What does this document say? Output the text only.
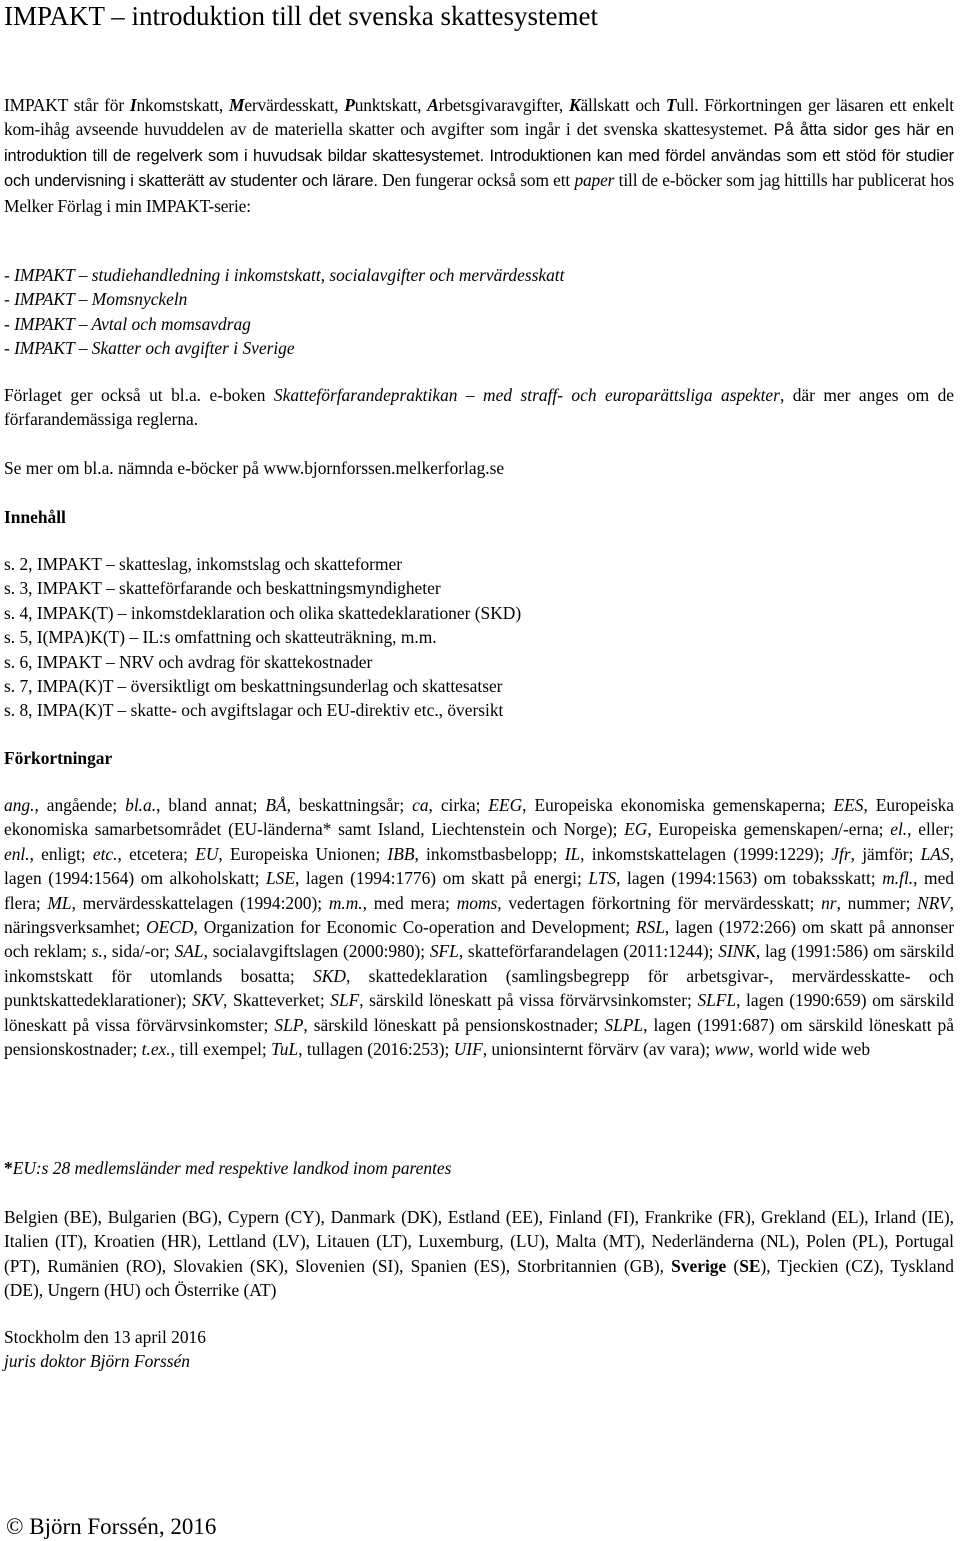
IMPAKT – introduktion till det svenska skattesystemet

IMPAKT står för Inkomstskatt, Mervärdesskatt, Punktskatt, Arbetsgivaravgifter, Källskatt och Tull. Förkortningen ger läsaren ett enkelt kom-ihåg avseende huvuddelen av de materiella skatter och avgifter som ingår i det svenska skattesystemet. På åtta sidor ges här en introduktion till de regelverk som i huvudsak bildar skattesystemet. Introduktionen kan med fördel användas som ett stöd för studier och undervisning i skatterätt av studenter och lärare. Den fungerar också som ett paper till de e-böcker som jag hittills har publicerat hos Melker Förlag i min IMPAKT-serie:

- IMPAKT – studiehandledning i inkomstskatt, socialavgifter och mervärdesskatt
- IMPAKT – Momsnyckeln
- IMPAKT – Avtal och momsavdrag
- IMPAKT – Skatter och avgifter i Sverige

Förlaget ger också ut bl.a. e-boken Skatteförfarandepraktikan – med straff- och europarättsliga aspekter, där mer anges om de förfarandemässiga reglerna.

Se mer om bl.a. nämnda e-böcker på www.bjornforssen.melkerforlag.se
Innehåll
s. 2, IMPAKT – skatteslag, inkomstslag och skatteformer
s. 3, IMPAKT – skatteförfarande och beskattningsmyndigheter
s. 4, IMPAK(T) – inkomstdeklaration och olika skattedeklarationer (SKD)
s. 5, I(MPA)K(T) – IL:s omfattning och skatteuträkning, m.m.
s. 6, IMPAKT – NRV och avdrag för skattekostnader
s. 7, IMPA(K)T – översiktligt om beskattningsunderlag och skattesatser
s. 8, IMPA(K)T – skatte- och avgiftslagar och EU-direktiv etc., översikt
Förkortningar

ang., angående; bl.a., bland annat; BÅ, beskattningsår; ca, cirka; EEG, Europeiska ekonomiska gemenskaperna; EES, Europeiska ekonomiska samarbetsområdet (EU-länderna* samt Island, Liechtenstein och Norge); EG, Europeiska gemenskapen/-erna; el., eller; enl., enligt; etc., etcetera; EU, Europeiska Unionen; IBB, inkomstbasbelopp; IL, inkomstskattelagen (1999:1229); Jfr, jämför; LAS, lagen (1994:1564) om alkoholskatt; LSE, lagen (1994:1776) om skatt på energi; LTS, lagen (1994:1563) om tobaksskatt; m.fl., med flera; ML, mervärdesskattelagen (1994:200); m.m., med mera; moms, vedertagen förkortning för mervärdesskatt; nr, nummer; NRV, näringsverksamhet; OECD, Organization for Economic Co-operation and Development; RSL, lagen (1972:266) om skatt på annonser och reklam; s., sida/-or; SAL, socialavgiftslagen (2000:980); SFL, skatteförfarandelagen (2011:1244); SINK, lag (1991:586) om särskild inkomstskatt för utomlands bosatta; SKD, skattedeklaration (samlingsbegrepp för arbetsgivar-, mervärdesskatte- och punktskattedeklarationer); SKV, Skatteverket; SLF, särskild löneskatt på vissa förvärvsinkomster; SLFL, lagen (1990:659) om särskild löneskatt på vissa förvärvsinkomster; SLP, särskild löneskatt på pensionskostnader; SLPL, lagen (1991:687) om särskild löneskatt på pensionskostnader; t.ex., till exempel; TuL, tullagen (2016:253); UIF, unionsinternt förvärv (av vara); www, world wide web

*EU:s 28 medlemsländer med respektive landkod inom parentes

Belgien (BE), Bulgarien (BG), Cypern (CY), Danmark (DK), Estland (EE), Finland (FI), Frankrike (FR), Grekland (EL), Irland (IE), Italien (IT), Kroatien (HR), Lettland (LV), Litauen (LT), Luxemburg, (LU), Malta (MT), Nederländerna (NL), Polen (PL), Portugal (PT), Rumänien (RO), Slovakien (SK), Slovenien (SI), Spanien (ES), Storbritannien (GB), Sverige (SE), Tjeckien (CZ), Tyskland (DE), Ungern (HU) och Österrike (AT)

Stockholm den 13 april 2016
juris doktor Björn Forssén
© Björn Forssén, 2016
